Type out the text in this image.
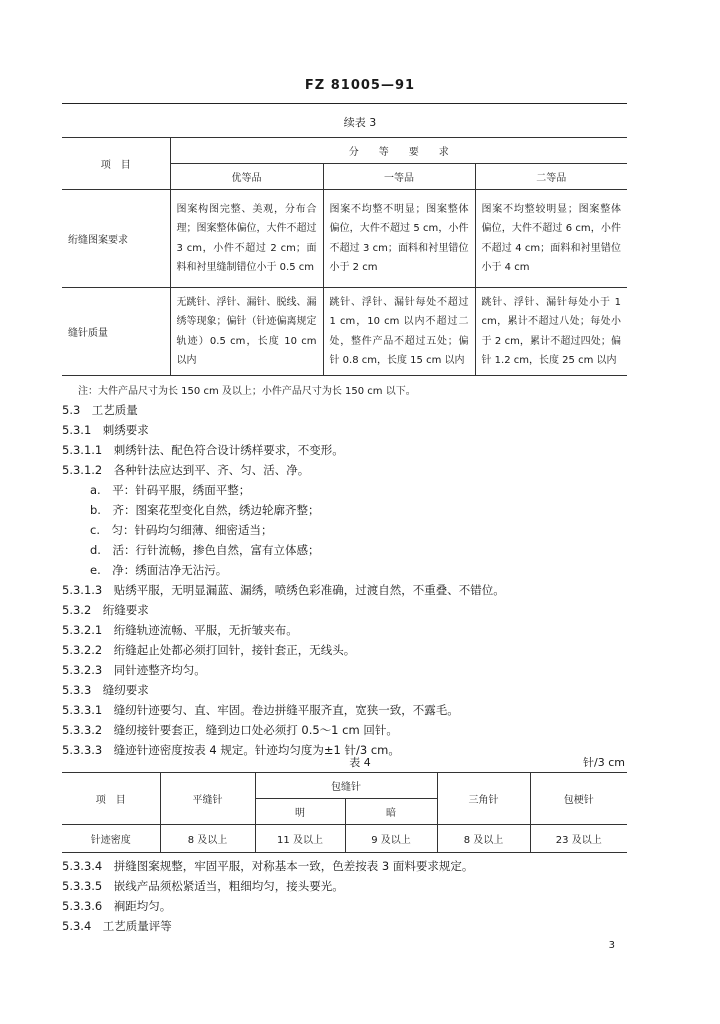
FZ 81005—91
续表 3
项　目	分　　等　　要　　求		
	优等品	一等品	二等品
绗缝图案要求	图案构图完整、美观，分布合理；图案整体偏位，大件不超过 3 cm，小件不超过 2 cm；面料和衬里缝制错位小于 0.5 cm	图案不均整不明显；图案整体偏位，大件不超过 5 cm，小件不超过 3 cm；面料和衬里错位小于 2 cm	图案不均整较明显；图案整体偏位，大件不超过 6 cm，小件不超过 4 cm；面料和衬里错位小于 4 cm
缝针质量	无跳针、浮针、漏针、脱线、漏绣等现象；偏针（针迹偏离规定轨迹）0.5 cm，长度 10 cm 以内	跳针、浮针、漏针每处不超过 1 cm，10 cm 以内不超过二处，整件产品不超过五处；偏针 0.8 cm，长度 15 cm 以内	跳针、浮针、漏针每处小于 1 cm，累计不超过八处；每处小于 2 cm，累计不超过四处；偏针 1.2 cm，长度 25 cm 以内
注：大件产品尺寸为长 150 cm 及以上；小件产品尺寸为长 150 cm 以下。
5.3　工艺质量
5.3.1　刺绣要求
5.3.1.1　刺绣针法、配色符合设计绣样要求，不变形。
5.3.1.2　各种针法应达到平、齐、匀、活、净。
a.　平：针码平服，绣面平整；
b.　齐：图案花型变化自然，绣边轮廓齐整；
c.　匀：针码均匀细薄、细密适当；
d.　活：行针流畅，掺色自然，富有立体感；
e.　净：绣面洁净无沾污。
5.3.1.3　贴绣平服，无明显漏蓝、漏绣，喷绣色彩准确，过渡自然，不重叠、不错位。
5.3.2　绗缝要求
5.3.2.1　绗缝轨迹流畅、平服，无折皱夹布。
5.3.2.2　绗缝起止处都必须打回针，接针套正，无线头。
5.3.2.3　同针迹整齐均匀。
5.3.3　缝纫要求
5.3.3.1　缝纫针迹要匀、直、牢固。卷边拼缝平服齐直，宽狭一致，不露毛。
5.3.3.2　缝纫接针要套正，缝到边口处必须打 0.5～1 cm 回针。
5.3.3.3　缝迹针迹密度按表 4 规定。针迹均匀度为±1 针/3 cm。
表 4	针/3 cm
项　目	平缝针	包缝针		三角针	包梗针
		明	暗		
针迹密度	8 及以上	11 及以上	9 及以上	8 及以上	23 及以上
5.3.3.4　拼缝图案规整，牢固平服，对称基本一致，色差按表 3 面料要求规定。
5.3.3.5　嵌线产品须松紧适当，粗细均匀，接头要光。
5.3.3.6　裥距均匀。
5.3.4　工艺质量评等
3
